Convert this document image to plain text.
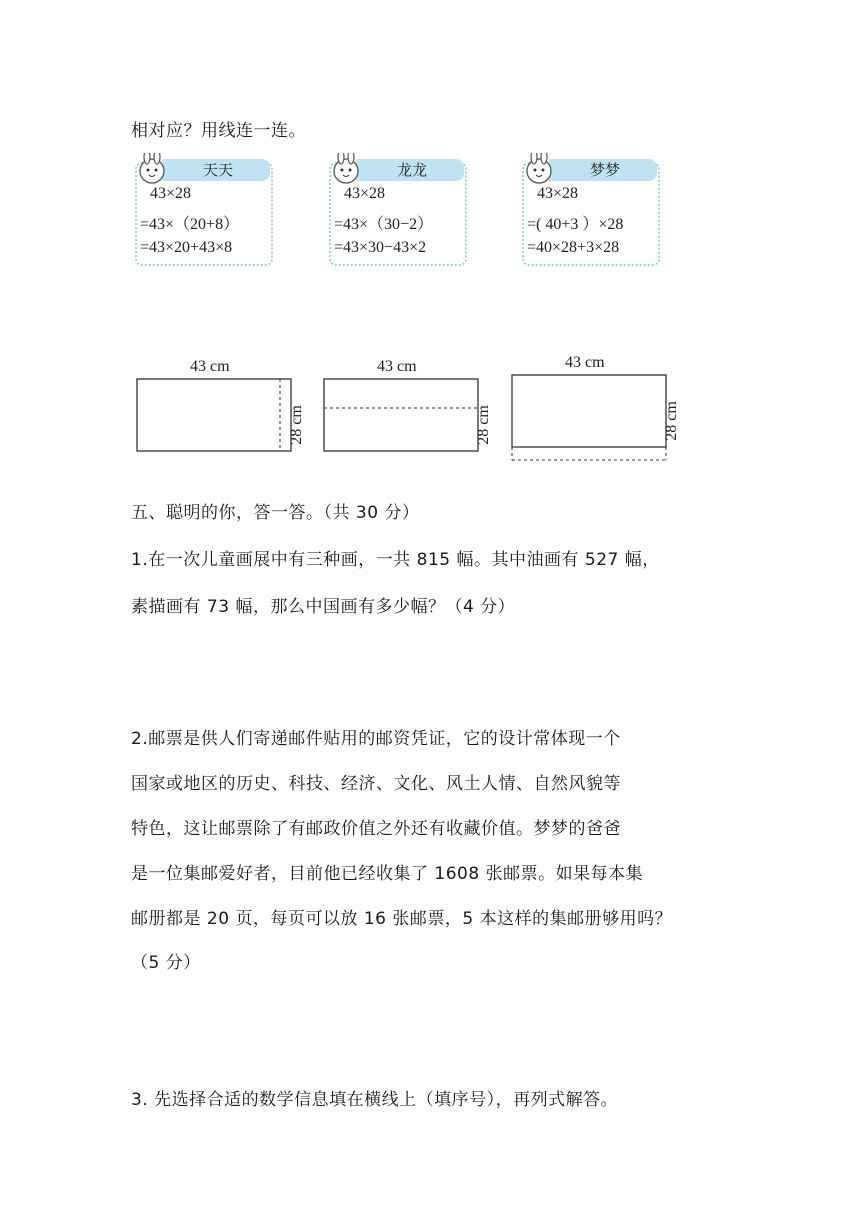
相对应？用线连一连。
天天
43×28
=43×（20+8）
=43×20+43×8
龙龙
43×28
=43×（30−2）
=43×30−43×2
梦梦
43×28
=( 40+3 ）×28
=40×28+3×28
43 cm
28 cm
43 cm
28 cm
43 cm
28 cm
五、聪明的你，答一答。（共 30 分）
1.在一次儿童画展中有三种画，一共 815 幅。其中油画有 527 幅，
素描画有 73 幅，那么中国画有多少幅？（4 分）
2.邮票是供人们寄递邮件贴用的邮资凭证，它的设计常体现一个
国家或地区的历史、科技、经济、文化、风土人情、自然风貌等
特色，这让邮票除了有邮政价值之外还有收藏价值。梦梦的爸爸
是一位集邮爱好者，目前他已经收集了 1608 张邮票。如果每本集
邮册都是 20 页，每页可以放 16 张邮票，5 本这样的集邮册够用吗？
（5 分）
3. 先选择合适的数学信息填在横线上（填序号），再列式解答。
